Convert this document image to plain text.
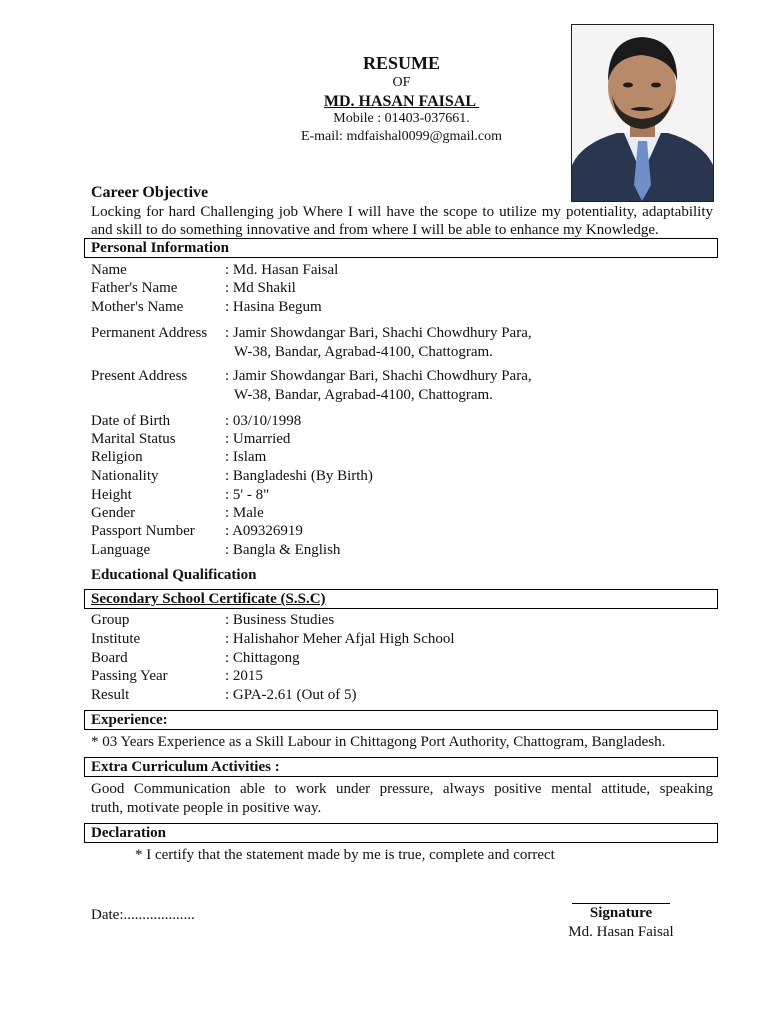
RESUME
OF
MD. HASAN FAISAL
Mobile : 01403-037661.
E-mail: mdfaishal0099@gmail.com
Career Objective
Locking for hard Challenging job Where I will have the scope to utilize my potentiality, adaptability
and skill to do something innovative and from where I will be able to enhance my Knowledge.
Personal Information
Name	: Md. Hasan Faisal
Father's Name	: Md Shakil
Mother's Name	: Hasina Begum
Permanent Address : Jamir Showdangar Bari, Shachi Chowdhury Para,
W-38, Bandar, Agrabad-4100, Chattogram.
Present Address	: Jamir Showdangar Bari, Shachi Chowdhury Para,
W-38, Bandar, Agrabad-4100, Chattogram.
Date of Birth	: 03/10/1998
Marital Status	: Umarried
Religion	: Islam
Nationality	: Bangladeshi (By Birth)
Height	: 5' - 8"
Gender	: Male
Passport Number : A09326919
Language	: Bangla & English
Educational Qualification
Secondary School Certificate (S.S.C)
Group	: Business Studies
Institute	: Halishahor Meher Afjal High School
Board	: Chittagong
Passing Year	: 2015
Result	: GPA-2.61 (Out of 5)
Experience:
* 03 Years Experience as a Skill Labour in Chittagong Port Authority, Chattogram, Bangladesh.
Extra Curriculum Activities :
Good Communication able to work under pressure, always positive mental attitude, speaking
truth, motivate people in positive way.
Declaration
* I certify that the statement made by me is true, complete and correct
Date:...................	Signature
Md. Hasan Faisal
